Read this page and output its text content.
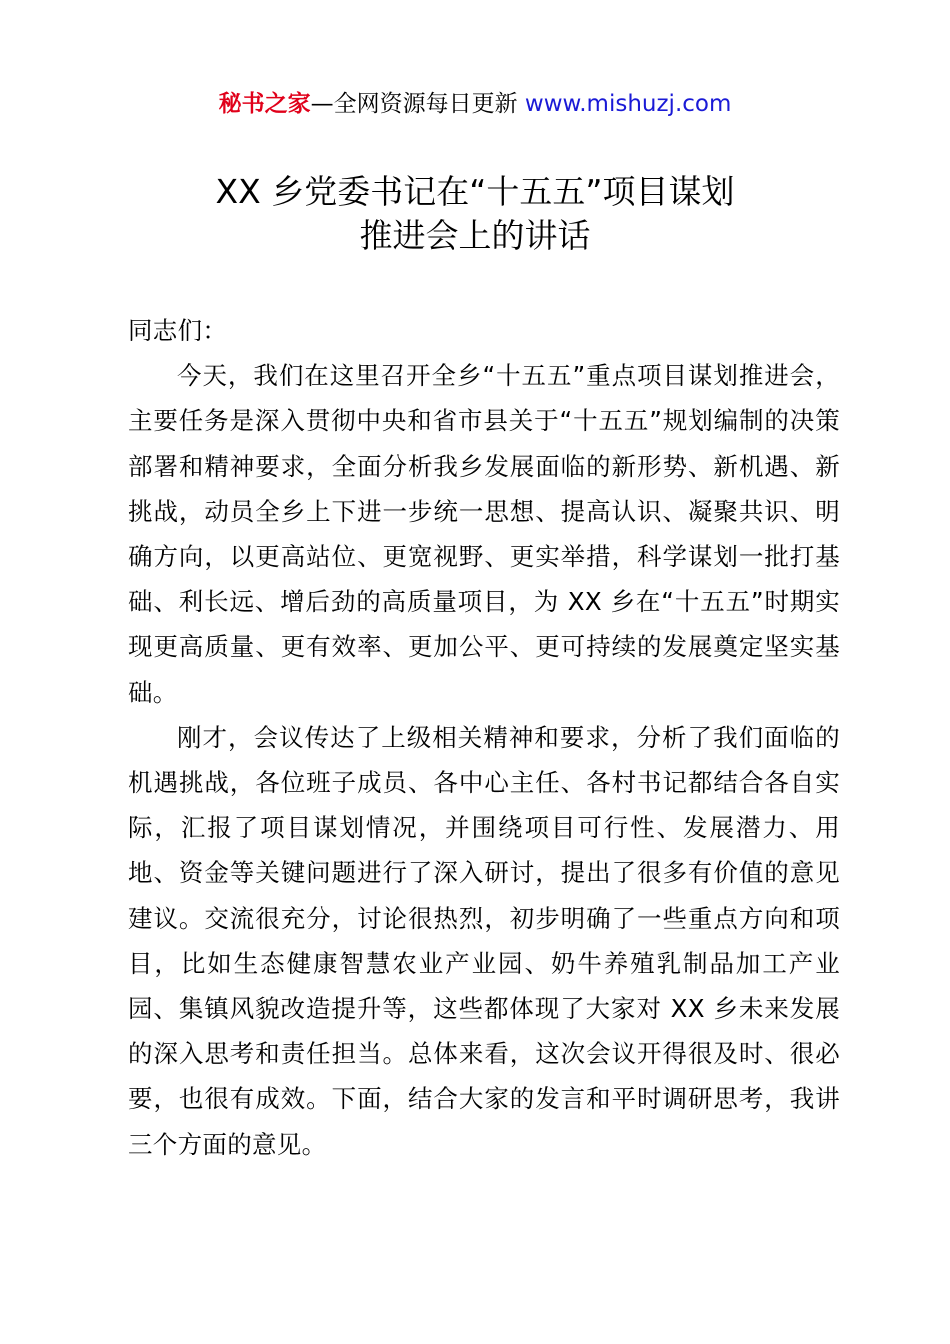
秘书之家—全网资源每日更新 www.mishuzj.com
XX 乡党委书记在“十五五”项目谋划
推进会上的讲话

同志们：

今天，我们在这里召开全乡“十五五”重点项目谋划推进会，主要任务是深入贯彻中央和省市县关于“十五五”规划编制的决策部署和精神要求，全面分析我乡发展面临的新形势、新机遇、新挑战，动员全乡上下进一步统一思想、提高认识、凝聚共识、明确方向，以更高站位、更宽视野、更实举措，科学谋划一批打基础、利长远、增后劲的高质量项目，为 XX 乡在“十五五”时期实现更高质量、更有效率、更加公平、更可持续的发展奠定坚实基础。

刚才，会议传达了上级相关精神和要求，分析了我们面临的机遇挑战，各位班子成员、各中心主任、各村书记都结合各自实际，汇报了项目谋划情况，并围绕项目可行性、发展潜力、用地、资金等关键问题进行了深入研讨，提出了很多有价值的意见建议。交流很充分，讨论很热烈，初步明确了一些重点方向和项目，比如生态健康智慧农业产业园、奶牛养殖乳制品加工产业园、集镇风貌改造提升等，这些都体现了大家对 XX 乡未来发展的深入思考和责任担当。总体来看，这次会议开得很及时、很必要，也很有成效。下面，结合大家的发言和平时调研思考，我讲三个方面的意见。
